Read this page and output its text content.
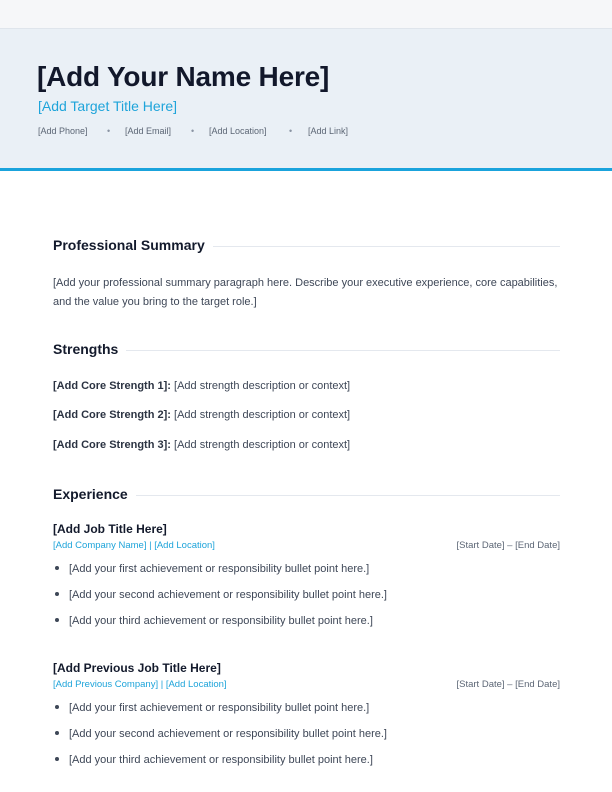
[Add Your Name Here]
[Add Target Title Here]
[Add Phone] • [Add Email] • [Add Location] • [Add Link]
Professional Summary
[Add your professional summary paragraph here. Describe your executive experience, core capabilities, and the value you bring to the target role.]
Strengths
[Add Core Strength 1]: [Add strength description or context]
[Add Core Strength 2]: [Add strength description or context]
[Add Core Strength 3]: [Add strength description or context]
Experience
[Add Job Title Here]
[Add Company Name] | [Add Location]	[Start Date] – [End Date]
[Add your first achievement or responsibility bullet point here.]
[Add your second achievement or responsibility bullet point here.]
[Add your third achievement or responsibility bullet point here.]
[Add Previous Job Title Here]
[Add Previous Company] | [Add Location]	[Start Date] – [End Date]
[Add your first achievement or responsibility bullet point here.]
[Add your second achievement or responsibility bullet point here.]
[Add your third achievement or responsibility bullet point here.]
